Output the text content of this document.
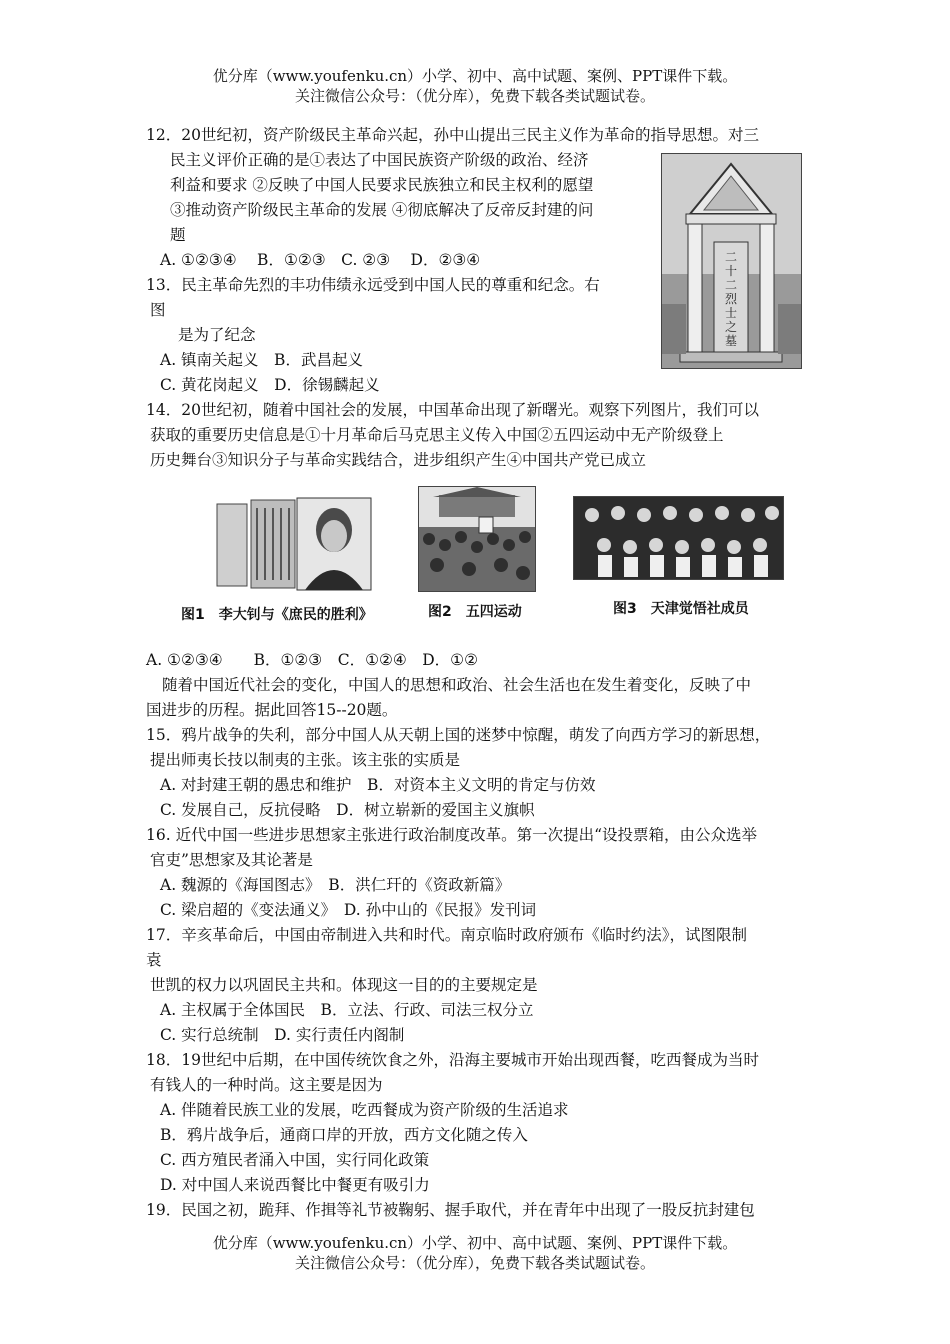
优分库（www.youfenku.cn）小学、初中、高中试题、案例、PPT课件下载。
关注微信公众号：（优分库），免费下载各类试题试卷。
12．20世纪初，资产阶级民主革命兴起，孙中山提出三民主义作为革命的指导思想。对三
民主义评价正确的是①表达了中国民族资产阶级的政治、经济
利益和要求 ②反映了中国人民要求民族独立和民主权利的愿望
③推动资产阶级民主革命的发展 ④彻底解决了反帝反封建的问
题
A. ①②③④　 B．①②③　C. ②③　 D．②③④	二十二烈士之墓
13．民主革命先烈的丰功伟绩永远受到中国人民的尊重和纪念。右
图
是为了纪念
A. 镇南关起义　B．武昌起义
C. 黄花岗起义　D．徐锡麟起义
14．20世纪初，随着中国社会的发展，中国革命出现了新曙光。观察下列图片，我们可以
获取的重要历史信息是①十月革命后马克思主义传入中国②五四运动中无产阶级登上
历史舞台③知识分子与革命实践结合，进步组织产生④中国共产党已成立
图1　李大钊与《庶民的胜利》	图2　五四运动	图3　天津觉悟社成员
A. ①②③④　　B．①②③　C．①②④　D．①②
随着中国近代社会的变化，中国人的思想和政治、社会生活也在发生着变化，反映了中
国进步的历程。据此回答15--20题。
15．鸦片战争的失利，部分中国人从天朝上国的迷梦中惊醒，萌发了向西方学习的新思想，
提出师夷长技以制夷的主张。该主张的实质是
A. 对封建王朝的愚忠和维护　B．对资本主义文明的肯定与仿效
C. 发展自己，反抗侵略　D．树立崭新的爱国主义旗帜
16. 近代中国一些进步思想家主张进行政治制度改革。第一次提出“设投票箱，由公众选举
官吏”思想家及其论著是
A. 魏源的《海国图志》　B．洪仁玕的《资政新篇》
C. 梁启超的《变法通义》　D. 孙中山的《民报》发刊词
17．辛亥革命后，中国由帝制进入共和时代。南京临时政府颁布《临时约法》，试图限制
袁
世凯的权力以巩固民主共和。体现这一目的的主要规定是
A. 主权属于全体国民　B．立法、行政、司法三权分立
C. 实行总统制　D. 实行责任内阁制
18．19世纪中后期，在中国传统饮食之外，沿海主要城市开始出现西餐，吃西餐成为当时
有钱人的一种时尚。这主要是因为
A. 伴随着民族工业的发展，吃西餐成为资产阶级的生活追求
B．鸦片战争后，通商口岸的开放，西方文化随之传入
C. 西方殖民者涌入中国，实行同化政策
D. 对中国人来说西餐比中餐更有吸引力
19．民国之初，跪拜、作揖等礼节被鞠躬、握手取代，并在青年中出现了一股反抗封建包
优分库（www.youfenku.cn）小学、初中、高中试题、案例、PPT课件下载。
关注微信公众号：（优分库），免费下载各类试题试卷。
